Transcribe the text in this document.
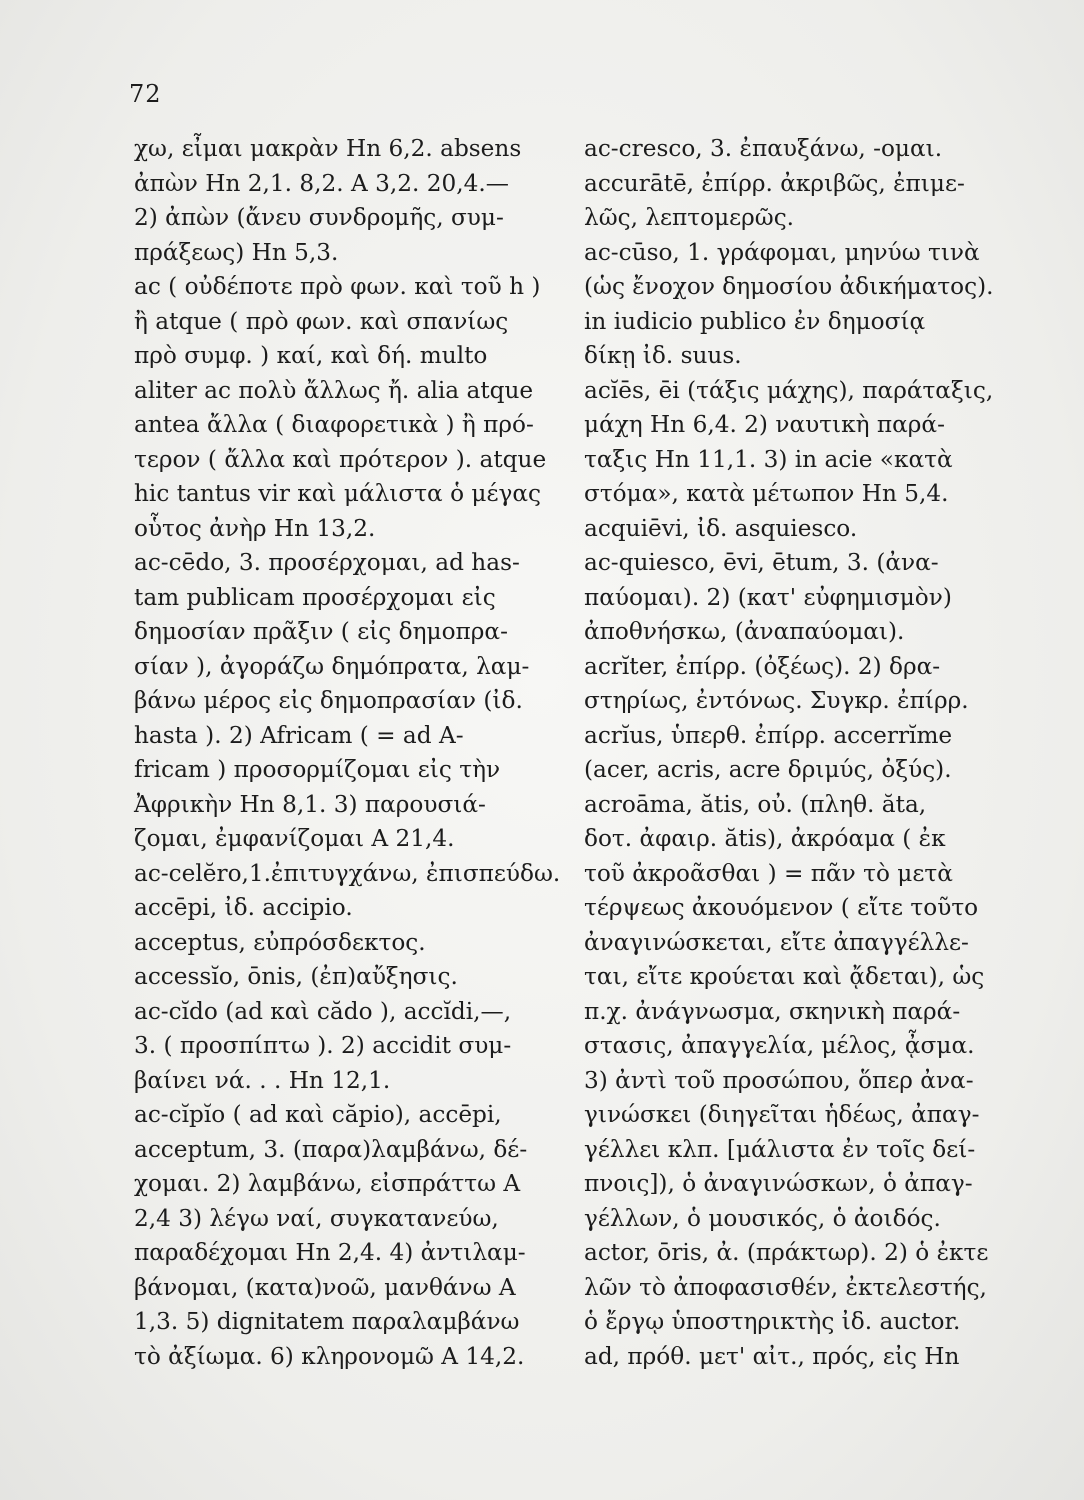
72
χω, εἶμαι μακρὰν Hn 6,2. absens
ἀπὼν Hn 2,1. 8,2. A 3,2. 20,4.—
2) ἀπὼν (ἄνευ συνδρομῆς, συμ-
πράξεως) Hn 5,3.
ac ( οὐδέποτε πρὸ φων. καὶ τοῦ h )
ἢ atque ( πρὸ φων. καὶ σπανίως
πρὸ συμφ. ) καί, καὶ δή. multo
aliter ac πολὺ ἄλλως ἤ. alia atque
antea ἄλλα ( διαφορετικὰ ) ἢ πρό-
τερον ( ἄλλα καὶ πρότερον ). atque
hic tantus vir καὶ μάλιστα ὁ μέγας
οὗτος ἀνὴρ Hn 13,2.
ac-cēdo, 3. προσέρχομαι, ad has-
tam publicam προσέρχομαι εἰς
δημοσίαν πρᾶξιν ( εἰς δημοπρα-
σίαν ), ἀγοράζω δημόπρατα, λαμ-
βάνω μέρος εἰς δημοπρασίαν (ἰδ.
hasta ). 2) Africam ( = ad A-
fricam ) προσορμίζομαι εἰς τὴν
Ἀφρικὴν Hn 8,1. 3) παρουσιά-
ζομαι, ἐμφανίζομαι A 21,4.
ac-celĕro,1.ἐπιτυγχάνω, ἐπισπεύδω.
accēpi, ἰδ. accipio.
acceptus, εὐπρόσδεκτος.
accessĭo, ōnis, (ἐπ)αὔξησις.
ac-cĭdo (ad καὶ cădo ), accĭdi,—,
3. ( προσπίπτω ). 2) accidit συμ-
βαίνει νά. . . Hn 12,1.
ac-cĭpĭo ( ad καὶ căpio), accēpi,
acceptum, 3. (παρα)λαμβάνω, δέ-
χομαι. 2) λαμβάνω, εἰσπράττω A
2,4 3) λέγω ναί, συγκατανεύω,
παραδέχομαι Hn 2,4. 4) ἀντιλαμ-
βάνομαι, (κατα)νοῶ, μανθάνω A
1,3. 5) dignitatem παραλαμβάνω
τὸ ἀξίωμα. 6) κληρονομῶ A 14,2.
ac-cresco, 3. ἐπαυξάνω, -ομαι.
accurātē, ἐπίρρ. ἀκριβῶς, ἐπιμε-
λῶς, λεπτομερῶς.
ac-cūso, 1. γράφομαι, μηνύω τινὰ
(ὡς ἔνοχον δημοσίου ἀδικήματος).
in iudicio publico ἐν δημοσίᾳ
δίκῃ ἰδ. suus.
acĭēs, ēi (τάξις μάχης), παράταξις,
μάχη Hn 6,4. 2) ναυτικὴ παρά-
ταξις Hn 11,1. 3) in acie «κατὰ
στόμα», κατὰ μέτωπον Hn 5,4.
acquiēvi, ἰδ. asquiesco.
ac-quiesco, ēvi, ētum, 3. (ἀνα-
παύομαι). 2) (κατ' εὐφημισμὸν)
ἀποθνήσκω, (ἀναπαύομαι).
acrĭter, ἐπίρρ. (ὀξέως). 2) δρα-
στηρίως, ἐντόνως. Συγκρ. ἐπίρρ.
acrĭus, ὑπερθ. ἐπίρρ. accerrĭme
(acer, acris, acre δριμύς, ὀξύς).
acroāma, ătis, οὐ. (πληθ. ăta,
δοτ. ἀφαιρ. ătis), ἀκρόαμα ( ἐκ
τοῦ ἀκροᾶσθαι ) = πᾶν τὸ μετὰ
τέρψεως ἀκουόμενον ( εἴτε τοῦτο
ἀναγινώσκεται, εἴτε ἀπαγγέλλε-
ται, εἴτε κρούεται καὶ ᾄδεται), ὡς
π.χ. ἀνάγνωσμα, σκηνικὴ παρά-
στασις, ἀπαγγελία, μέλος, ᾆσμα.
3) ἀντὶ τοῦ προσώπου, ὅπερ ἀνα-
γινώσκει (διηγεῖται ἡδέως, ἀπαγ-
γέλλει κλπ. [μάλιστα ἐν τοῖς δεί-
πνοις]), ὁ ἀναγινώσκων, ὁ ἀπαγ-
γέλλων, ὁ μουσικός, ὁ ἀοιδός.
actor, ōris, ἀ. (πράκτωρ). 2) ὁ ἐκτε
λῶν τὸ ἀποφασισθέν, ἐκτελεστής,
ὁ ἔργῳ ὑποστηρικτὴς ἰδ. auctor.
ad, πρόθ. μετ' αἰτ., πρός, εἰς Hn
